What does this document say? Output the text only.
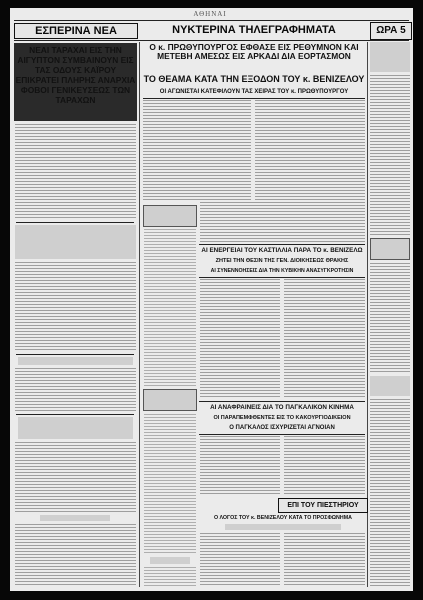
ΑΘΗΝΑΙ
ΕΣΠΕΡΙΝΑ ΝΕΑ	ΝΥΚΤΕΡΙΝΑ ΤΗΛΕΓΡΑΦΗΜΑΤΑ	ΩΡΑ 5
ΝΕΑΙ ΤΑΡΑΧΑΙ ΕΙΣ ΤΗΝ ΑΙΓΥΠΤΟΝ ΣΥΜΒΑΙΝΟΥΝ ΕΙΣ ΤΑΣ ΟΔΟΥΣ ΚΑΪΡΟΥ ΕΠΙΚΡΑΤΕΙ ΠΛΗΡΗΣ ΑΝΑΡΧΙΑ ΦΟΒΟΙ ΓΕΝΙΚΕΥΣΕΩΣ ΤΩΝ ΤΑΡΑΧΩΝ
Ο κ. ΠΡΩΘΥΠΟΥΡΓΟΣ ΕΦΘΑΣΕ ΕΙΣ ΡΕΘΥΜΝΟΝ ΚΑΙ ΜΕΤΕΒΗ ΑΜΕΣΩΣ ΕΙΣ ΑΡΚΑΔΙ ΔΙΑ ΕΟΡΤΑΣΜΟΝ
ΤΟ ΘΕΑΜΑ ΚΑΤΑ ΤΗΝ ΕΞΟΔΟΝ ΤΟΥ κ. ΒΕΝΙΖΕΛΟΥ
ΟΙ ΑΓΩΝΙΣΤΑΙ ΚΑΤΕΦΙΛΟΥΝ ΤΑΣ ΧΕΙΡΑΣ ΤΟΥ κ. ΠΡΩΘΥΠΟΥΡΓΟΥ
ΑΙ ΕΝΕΡΓΕΙΑΙ ΤΟΥ ΚΑΣΤΙΛΛΙΑ ΠΑΡΑ ΤΟ κ. ΒΕΝΙΖΕΛΩ
ΖΗΤΕΙ ΤΗΝ ΘΕΣΙΝ ΤΗΣ ΓΕΝ. ΔΙΟΙΚΗΣΕΩΣ ΘΡΑΚΗΣ
ΑΙ ΣΥΝΕΝΝΟΗΣΕΙΣ ΔΙΑ ΤΗΝ ΚΥΒΙΚΗΝ ΑΝΑΣΥΓΚΡΟΤΗΣΙΝ
ΑΙ ΑΝΑΦΡΑΙΝΕΙΣ ΔΙΑ ΤΟ ΠΑΓΚΑΛΙΚΟΝ ΚΙΝΗΜΑ
ΟΙ ΠΑΡΑΠΕΜΦΘΕΝΤΕΣ ΕΙΣ ΤΟ ΚΑΚΟΥΡΓΙΟΔΙΚΕΙΟΝ
Ο ΠΑΓΚΑΛΟΣ ΙΣΧΥΡΙΖΕΤΑΙ ΑΓΝΟΙΑΝ
ΕΠΙ ΤΟΥ ΠΙΕΣΤΗΡΙΟΥ
Ο ΛΟΓΟΣ ΤΟΥ κ. ΒΕΝΙΖΕΛΟΥ ΚΑΤΑ ΤΟ ΠΡΟΣΦΩΝΗΜΑ
